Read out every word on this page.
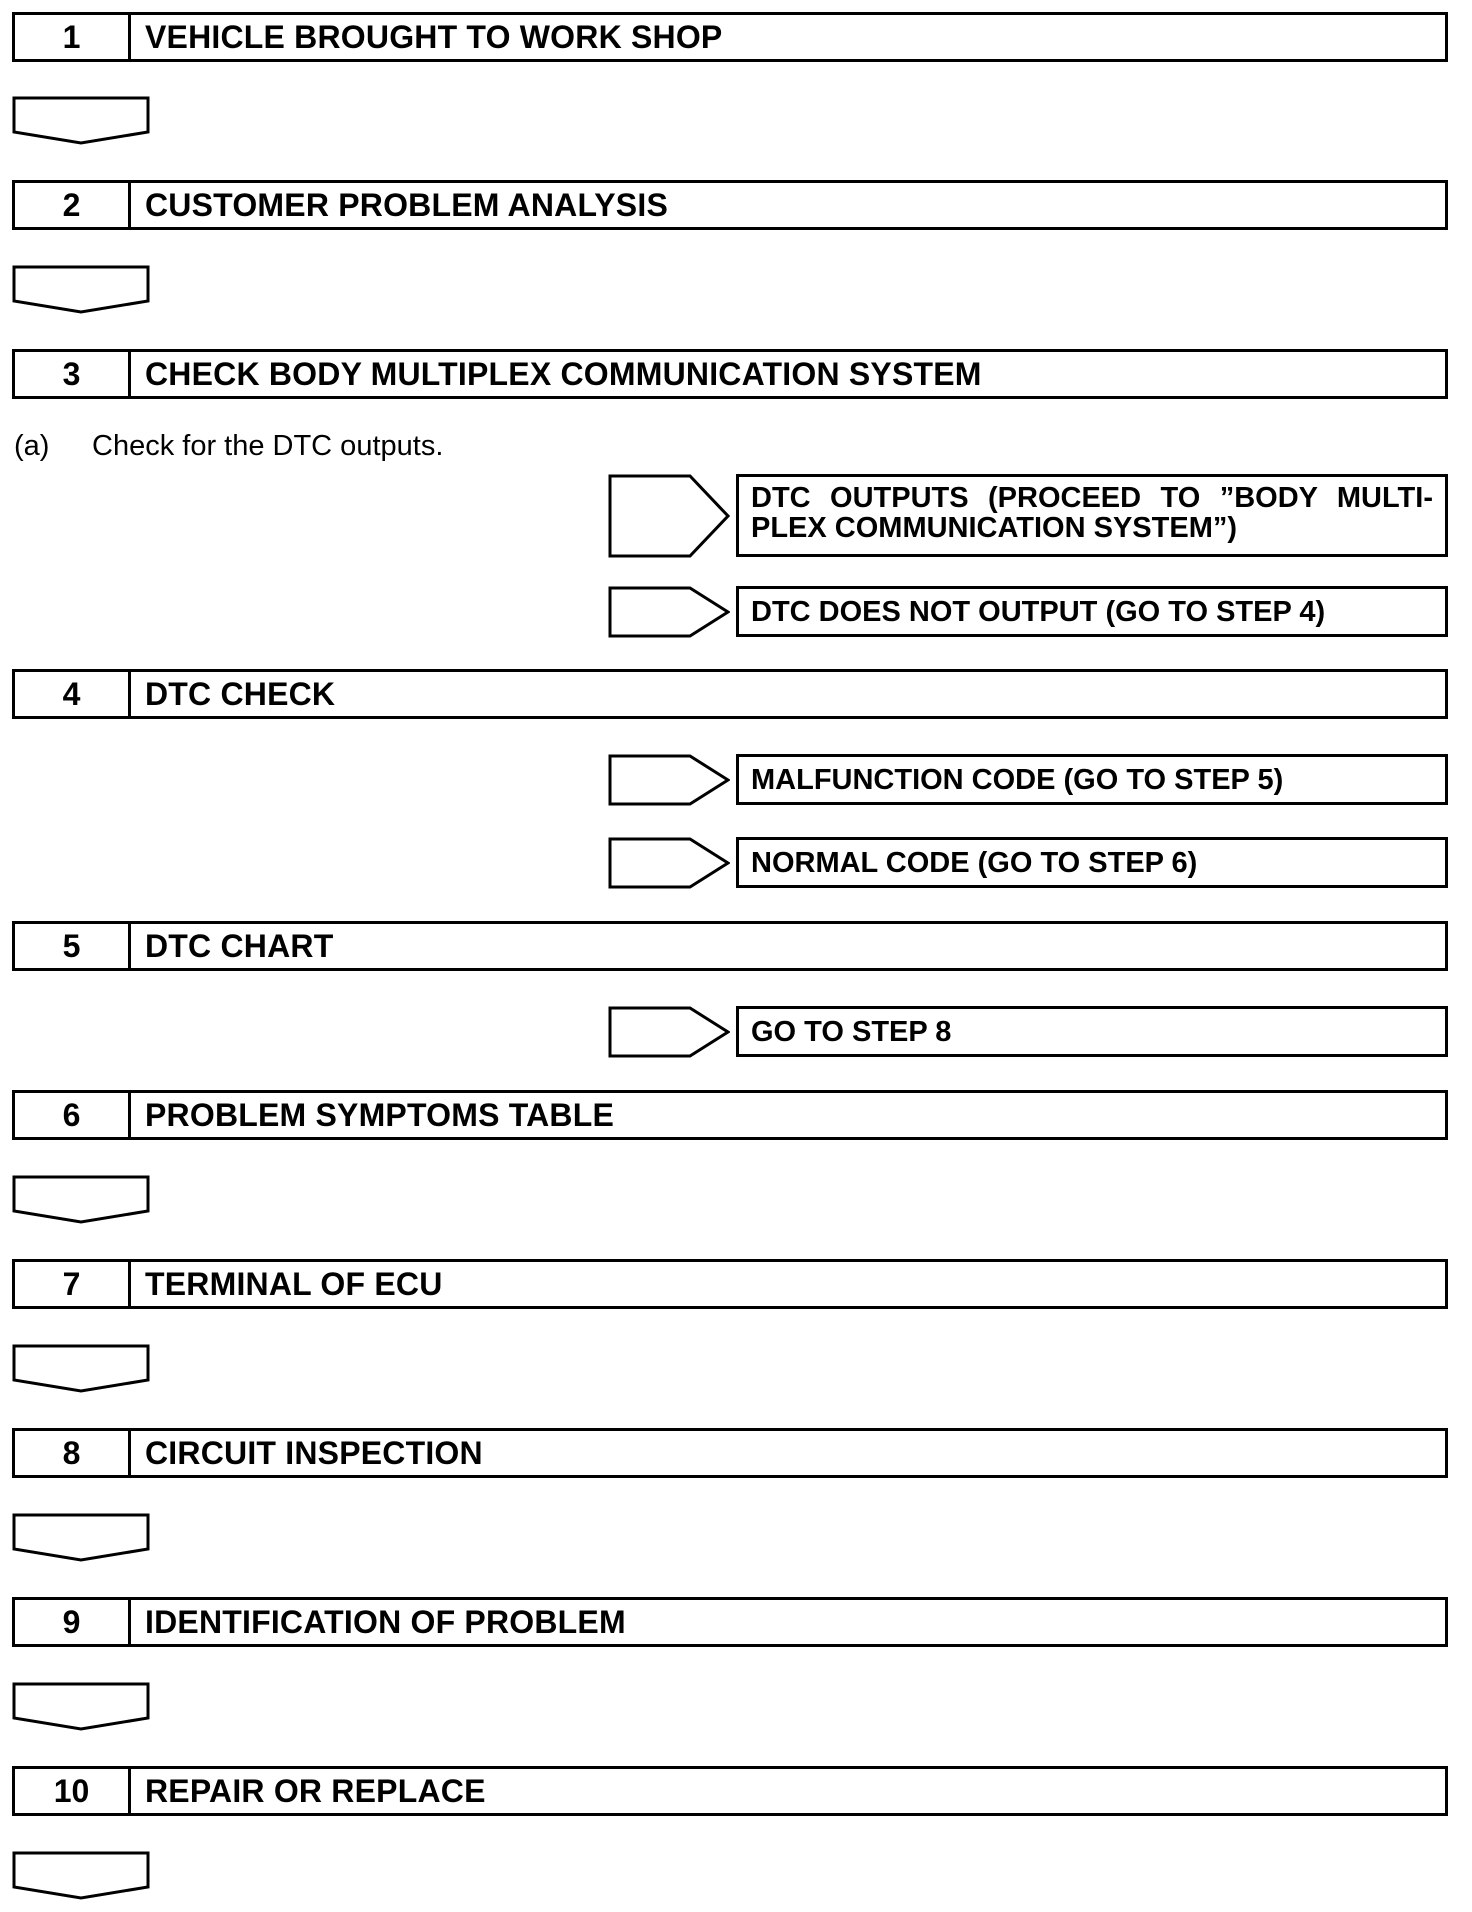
1	VEHICLE BROUGHT TO WORK SHOP
2	CUSTOMER PROBLEM ANALYSIS
3	CHECK BODY MULTIPLEX COMMUNICATION SYSTEM
(a) Check for the DTC outputs.
DTC OUTPUTS (PROCEED TO ”BODY MULTI- PLEX COMMUNICATION SYSTEM”)
DTC DOES NOT OUTPUT (GO TO STEP 4)
4	DTC CHECK
MALFUNCTION CODE (GO TO STEP 5)
NORMAL CODE (GO TO STEP 6)
5	DTC CHART
GO TO STEP 8
6	PROBLEM SYMPTOMS TABLE
7	TERMINAL OF ECU
8	CIRCUIT INSPECTION
9	IDENTIFICATION OF PROBLEM
10	REPAIR OR REPLACE
